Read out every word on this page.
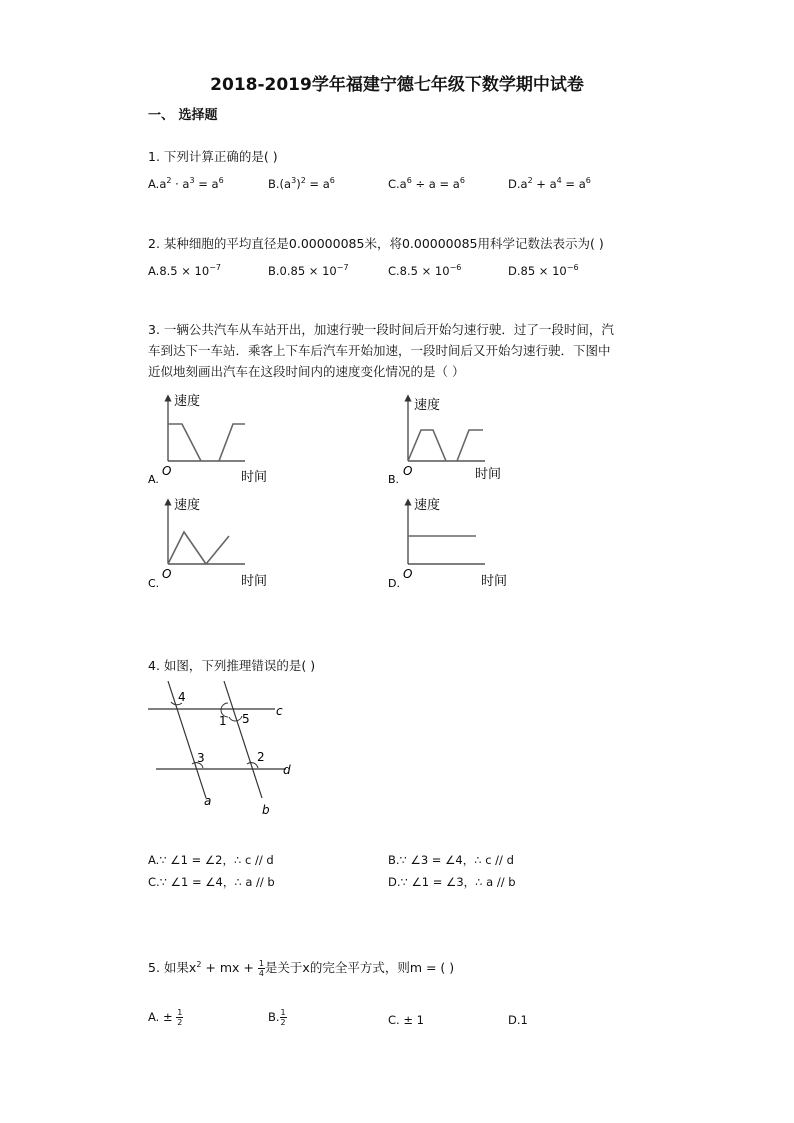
2018-2019学年福建宁德七年级下数学期中试卷
一、 选择题
1. 下列计算正确的是( )
$A.a^2 \cdot a^3 = a^6$	$B.(a^3)^2 = a^6$	$C.a^6 \div a = a^6$	$D.a^2 + a^4 = a^6$
2. 某种细胞的平均直径是0.00000085米，将0.00000085用科学记数法表示为( )
$A.8.5 \times 10^{-7}$	$B.0.85 \times 10^{-7}$	$C.8.5 \times 10^{-6}$	$D.85 \times 10^{-6}$
3. 一辆公共汽车从车站开出，加速行驶一段时间后开始匀速行驶．过了一段时间，汽
车到达下一车站．乘客上下车后汽车开始加速，一段时间后又开始匀速行驶．下图中
近似地刻画出汽车在这段时间内的速度变化情况的是（ ）
速度
O	时间
A.
速度
O	时间
B.
速度
O	时间
C.
速度
O	时间
D.
4. 如图，下列推理错误的是( )
4
1 5
c
3	2
d
a
b
A.∵ ∠1 = ∠2，∴ c // d	B.∵ ∠3 = ∠4，∴ c // d
C.∵ ∠1 = ∠4，∴ a // b	D.∵ ∠1 = ∠3，∴ a // b
5. 如果$x^2$ + mx + $\frac{1}{4}$ 是关于x的完全平方式，则m = ( )
A. ± $\frac{1}{2}$	B. $\frac{1}{2}$	C. ± 1	D.1
